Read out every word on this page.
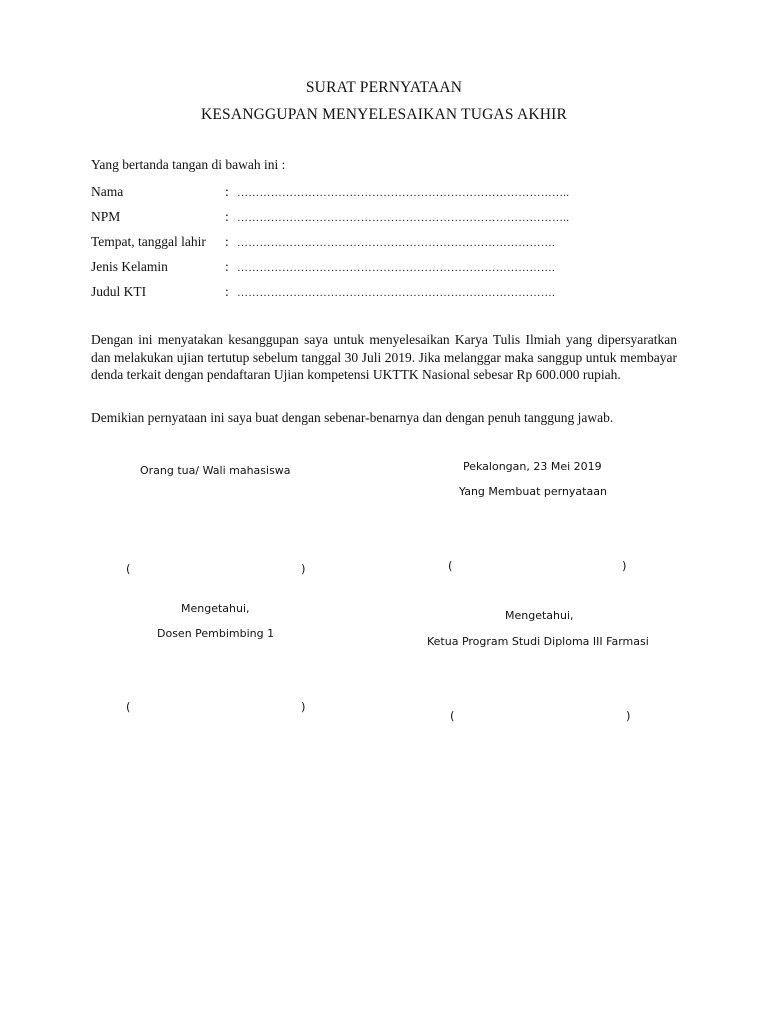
SURAT PERNYATAAN
KESANGGUPAN MENYELESAIKAN TUGAS AKHIR
Yang bertanda tangan di bawah ini :
Nama	: ……………………………………………………………………………..
NPM	: ……………………………………………………………………………..
Tempat, tanggal lahir : ………………………………………………………………………….
Jenis Kelamin	: ………………………………………………………………………….
Judul KTI	: ………………………………………………………………………….
Dengan ini menyatakan kesanggupan saya untuk menyelesaikan Karya Tulis Ilmiah yang dipersyaratkan dan melakukan ujian tertutup sebelum tanggal 30 Juli 2019. Jika melanggar maka sanggup untuk membayar denda terkait dengan pendaftaran Ujian kompetensi UKTTK Nasional sebesar Rp 600.000 rupiah.
Demikian pernyataan ini saya buat dengan sebenar-benarnya dan dengan penuh tanggung jawab.
Orang tua/ Wali mahasiswa	Pekalongan, 23 Mei 2019
Yang Membuat pernyataan
(	)	(	)
Mengetahui,
Dosen Pembimbing 1
Mengetahui,
Ketua Program Studi Diploma III Farmasi
(	)
(	)
